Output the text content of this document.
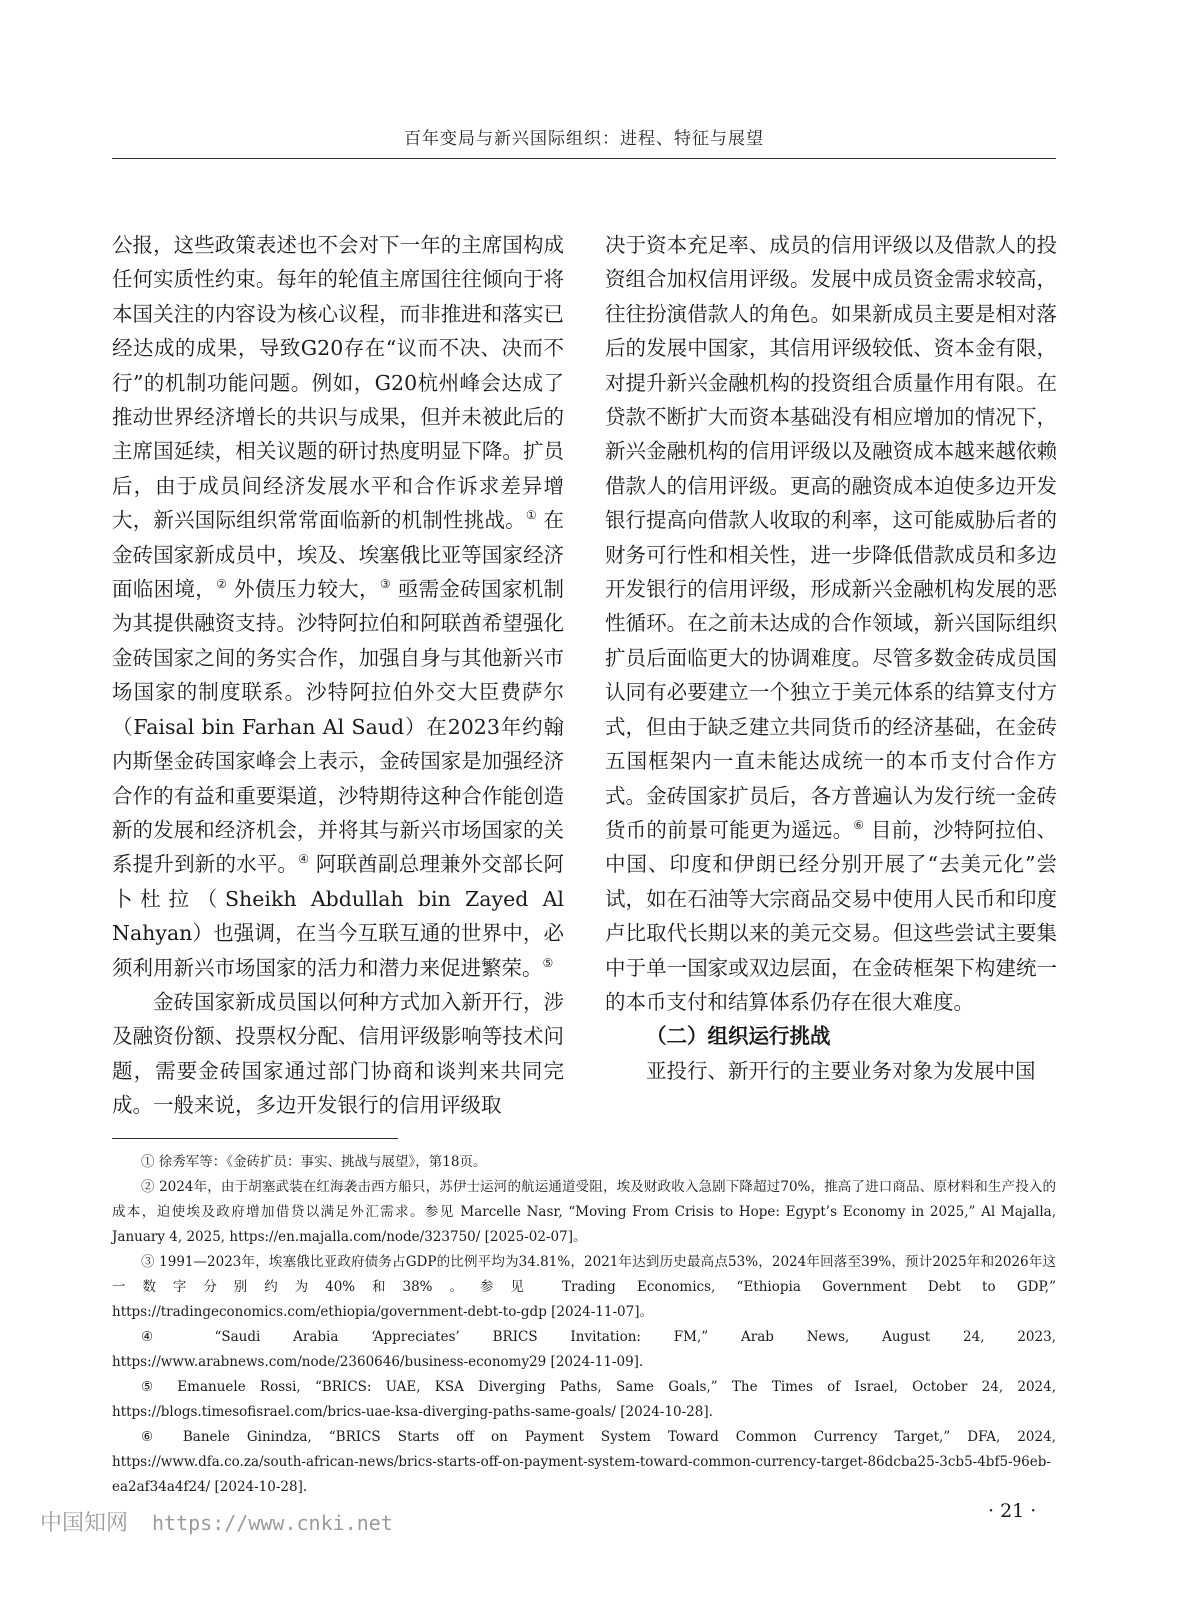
百年变局与新兴国际组织：进程、特征与展望

公报，这些政策表述也不会对下一年的主席国构成任何实质性约束。每年的轮值主席国往往倾向于将本国关注的内容设为核心议程，而非推进和落实已经达成的成果，导致G20存在“议而不决、决而不行”的机制功能问题。例如，G20杭州峰会达成了推动世界经济增长的共识与成果，但并未被此后的主席国延续，相关议题的研讨热度明显下降。扩员后，由于成员间经济发展水平和合作诉求差异增大，新兴国际组织常常面临新的机制性挑战。① 在金砖国家新成员中，埃及、埃塞俄比亚等国家经济面临困境，② 外债压力较大，③ 亟需金砖国家机制为其提供融资支持。沙特阿拉伯和阿联酋希望强化金砖国家之间的务实合作，加强自身与其他新兴市场国家的制度联系。沙特阿拉伯外交大臣费萨尔（Faisal bin Farhan Al Saud）在2023年约翰内斯堡金砖国家峰会上表示，金砖国家是加强经济合作的有益和重要渠道，沙特期待这种合作能创造新的发展和经济机会，并将其与新兴市场国家的关系提升到新的水平。④ 阿联酋副总理兼外交部长阿卜杜拉（Sheikh Abdullah bin Zayed Al Nahyan）也强调，在当今互联互通的世界中，必须利用新兴市场国家的活力和潜力来促进繁荣。⑤

金砖国家新成员国以何种方式加入新开行，涉及融资份额、投票权分配、信用评级影响等技术问题，需要金砖国家通过部门协商和谈判来共同完成。一般来说，多边开发银行的信用评级取

决于资本充足率、成员的信用评级以及借款人的投资组合加权信用评级。发展中成员资金需求较高，往往扮演借款人的角色。如果新成员主要是相对落后的发展中国家，其信用评级较低、资本金有限，对提升新兴金融机构的投资组合质量作用有限。在贷款不断扩大而资本基础没有相应增加的情况下，新兴金融机构的信用评级以及融资成本越来越依赖借款人的信用评级。更高的融资成本迫使多边开发银行提高向借款人收取的利率，这可能威胁后者的财务可行性和相关性，进一步降低借款成员和多边开发银行的信用评级，形成新兴金融机构发展的恶性循环。在之前未达成的合作领域，新兴国际组织扩员后面临更大的协调难度。尽管多数金砖成员国认同有必要建立一个独立于美元体系的结算支付方式，但由于缺乏建立共同货币的经济基础，在金砖五国框架内一直未能达成统一的本币支付合作方式。金砖国家扩员后，各方普遍认为发行统一金砖货币的前景可能更为遥远。⑥ 目前，沙特阿拉伯、中国、印度和伊朗已经分别开展了“去美元化”尝试，如在石油等大宗商品交易中使用人民币和印度卢比取代长期以来的美元交易。但这些尝试主要集中于单一国家或双边层面，在金砖框架下构建统一的本币支付和结算体系仍存在很大难度。

（二）组织运行挑战

亚投行、新开行的主要业务对象为发展中国

① 徐秀军等：《金砖扩员：事实、挑战与展望》，第18页。

② 2024年，由于胡塞武装在红海袭击西方船只，苏伊士运河的航运通道受阻，埃及财政收入急剧下降超过70%，推高了进口商品、原材料和生产投入的成本，迫使埃及政府增加借贷以满足外汇需求。参见 Marcelle Nasr, “Moving From Crisis to Hope: Egypt’s Economy in 2025,” Al Majalla, January 4, 2025, https://en.majalla.com/node/323750/ [2025-02-07]。

③ 1991—2023年，埃塞俄比亚政府债务占GDP的比例平均为34.81%，2021年达到历史最高点53%，2024年回落至39%，预计2025年和2026年这一数字分别约为40%和38%。参见 Trading Economics, “Ethiopia Government Debt to GDP,” https://tradingeconomics.com/ethiopia/government-debt-to-gdp [2024-11-07]。

④ “Saudi Arabia ‘Appreciates’ BRICS Invitation: FM,” Arab News, August 24, 2023, https://www.arabnews.com/node/2360646/business-economy29 [2024-11-09].

⑤ Emanuele Rossi, “BRICS: UAE, KSA Diverging Paths, Same Goals,” The Times of Israel, October 24, 2024, https://blogs.timesofisrael.com/brics-uae-ksa-diverging-paths-same-goals/ [2024-10-28].

⑥ Banele Ginindza, “BRICS Starts off on Payment System Toward Common Currency Target,” DFA, 2024, https://www.dfa.co.za/south-african-news/brics-starts-off-on-payment-system-toward-common-currency-target-86dcba25-3cb5-4bf5-96eb-ea2af34a4f24/ [2024-10-28].

中国知网 https://www.cnki.net	· 21 ·
